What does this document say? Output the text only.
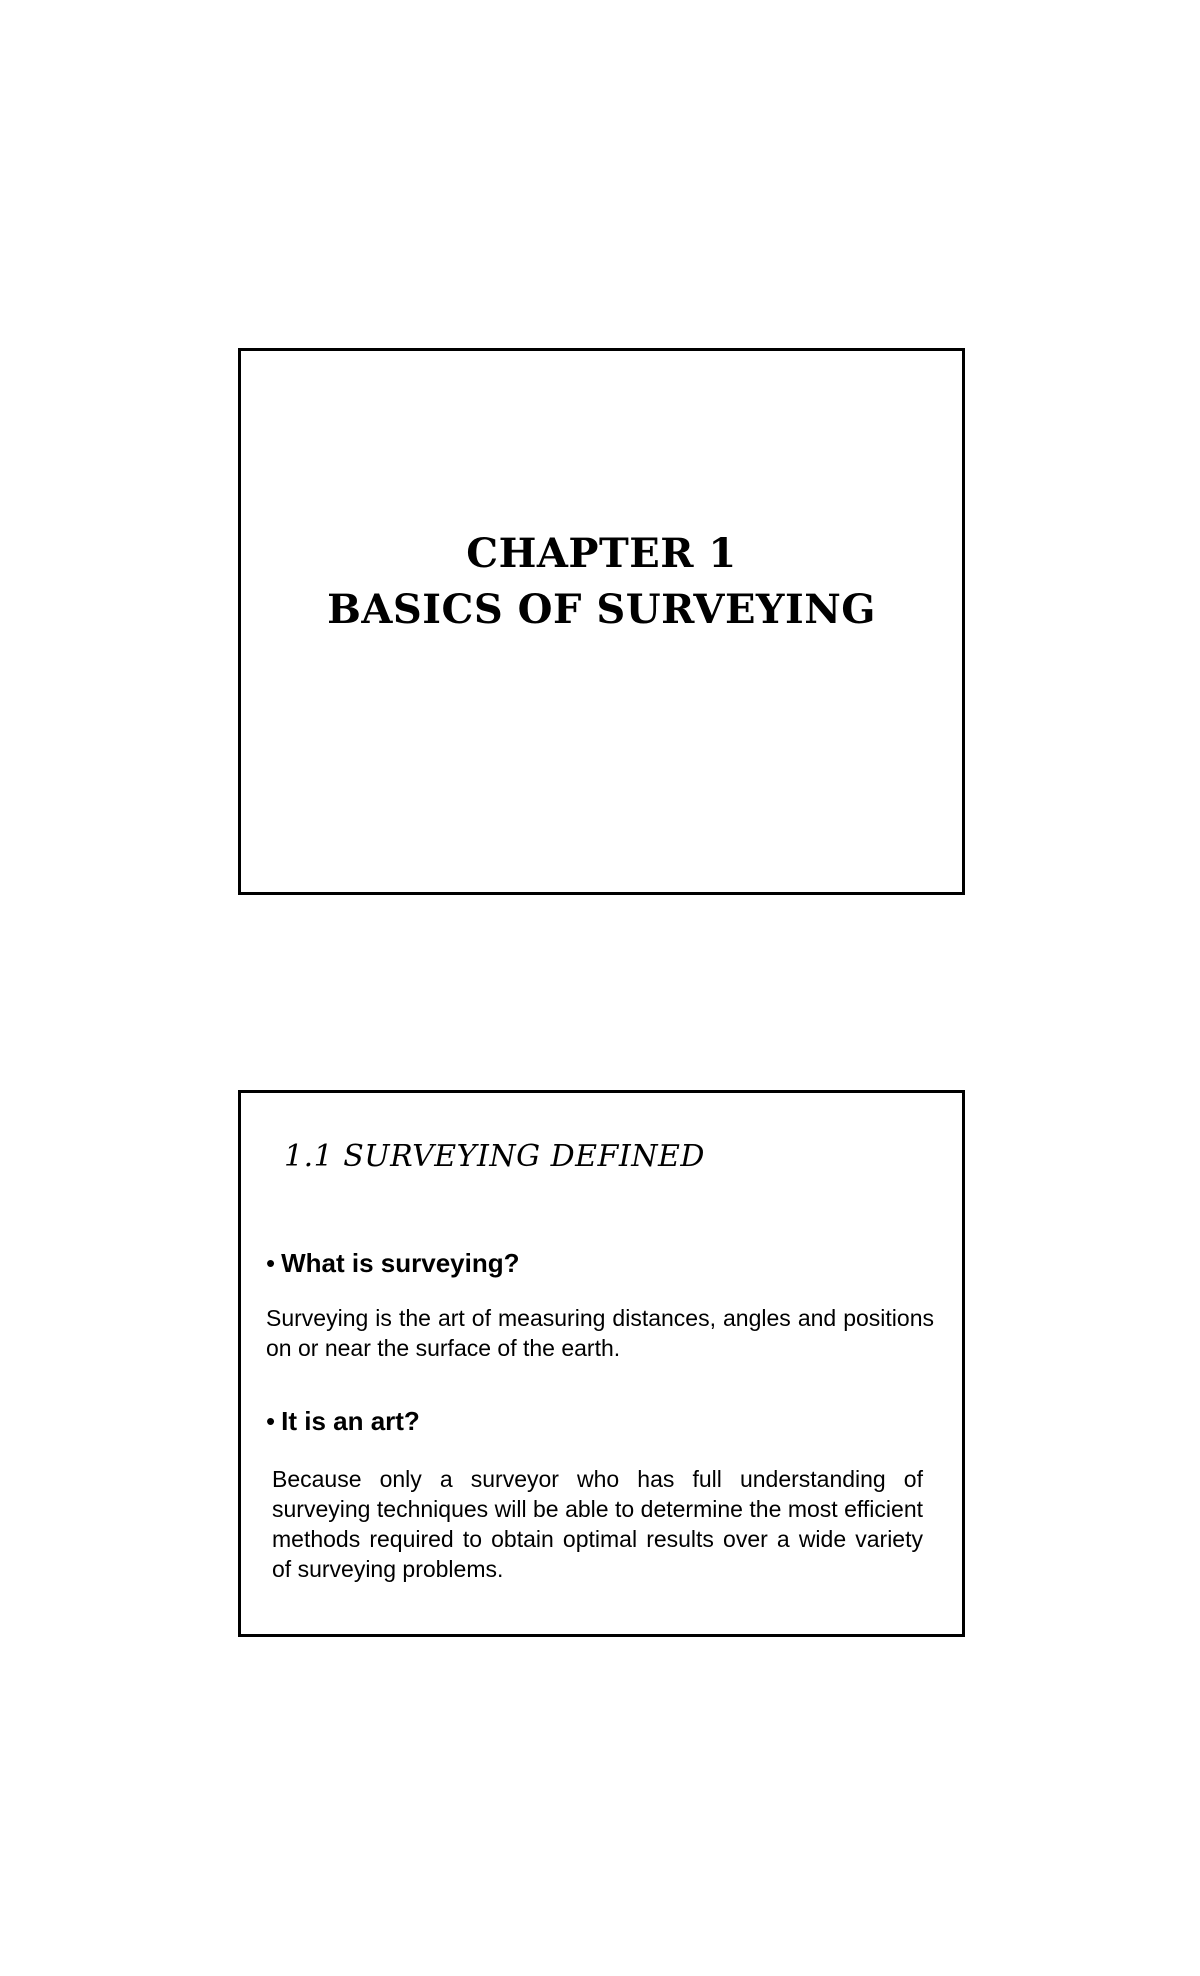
CHAPTER 1
BASICS OF SURVEYING
1.1 SURVEYING DEFINED
• What is surveying?
Surveying is the art of measuring distances, angles and positions on or near the surface of the earth.
• It is an art?
Because only a surveyor who has full understanding of surveying techniques will be able to determine the most efficient methods required to obtain optimal results over a wide variety of surveying problems.
